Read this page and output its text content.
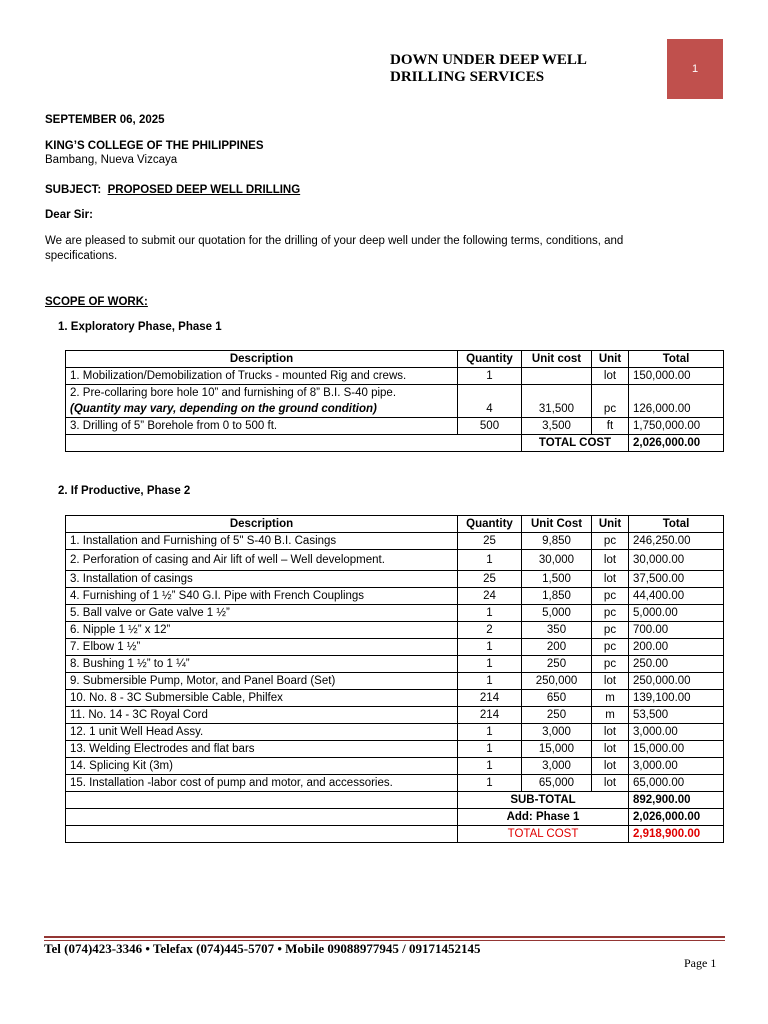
DOWN UNDER DEEP WELL
DRILLING SERVICES	1
SEPTEMBER 06, 2025
KING’S COLLEGE OF THE PHILIPPINES
Bambang, Nueva Vizcaya
SUBJECT: PROPOSED DEEP WELL DRILLING
Dear Sir:
We are pleased to submit our quotation for the drilling of your deep well under the following terms, conditions, and
specifications.
SCOPE OF WORK:
1. Exploratory Phase, Phase 1
Description	Quantity	Unit cost	Unit	Total
1. Mobilization/Demobilization of Trucks - mounted Rig and crews.	1		lot	150,000.00
2. Pre-collaring bore hole 10” and furnishing of 8” B.I. S-40 pipe.				
(Quantity may vary, depending on the ground condition)	4	31,500	pc	126,000.00
3. Drilling of 5” Borehole from 0 to 500 ft.	500	3,500	ft	1,750,000.00
		TOTAL COST		2,026,000.00
2. If Productive, Phase 2
Description	Quantity	Unit Cost	Unit	Total
1. Installation and Furnishing of 5" S-40 B.I. Casings	25	9,850	pc	246,250.00
2. Perforation of casing and Air lift of well – Well development.	1	30,000	lot	30,000.00
3. Installation of casings	25	1,500	lot	37,500.00
4. Furnishing of 1 ½” S40 G.I. Pipe with French Couplings	24	1,850	pc	44,400.00
5. Ball valve or Gate valve 1 ½”	1	5,000	pc	5,000.00
6. Nipple 1 ½” x 12”	2	350	pc	700.00
7. Elbow 1 ½”	1	200	pc	200.00
8. Bushing 1 ½” to 1 ¼”	1	250	pc	250.00
9. Submersible Pump, Motor, and Panel Board (Set)	1	250,000	lot	250,000.00
10. No. 8 - 3C Submersible Cable, Philfex	214	650	m	139,100.00
11. No. 14 - 3C Royal Cord	214	250	m	53,500
12. 1 unit Well Head Assy.	1	3,000	lot	3,000.00
13. Welding Electrodes and flat bars	1	15,000	lot	15,000.00
14. Splicing Kit (3m)	1	3,000	lot	3,000.00
15. Installation -labor cost of pump and motor, and accessories.	1	65,000	lot	65,000.00
	SUB-TOTAL			892,900.00
	Add: Phase 1			2,026,000.00
	TOTAL COST			2,918,900.00
Tel (074)423-3346 • Telefax (074)445-5707 • Mobile 09088977945 / 09171452145
Page 1
